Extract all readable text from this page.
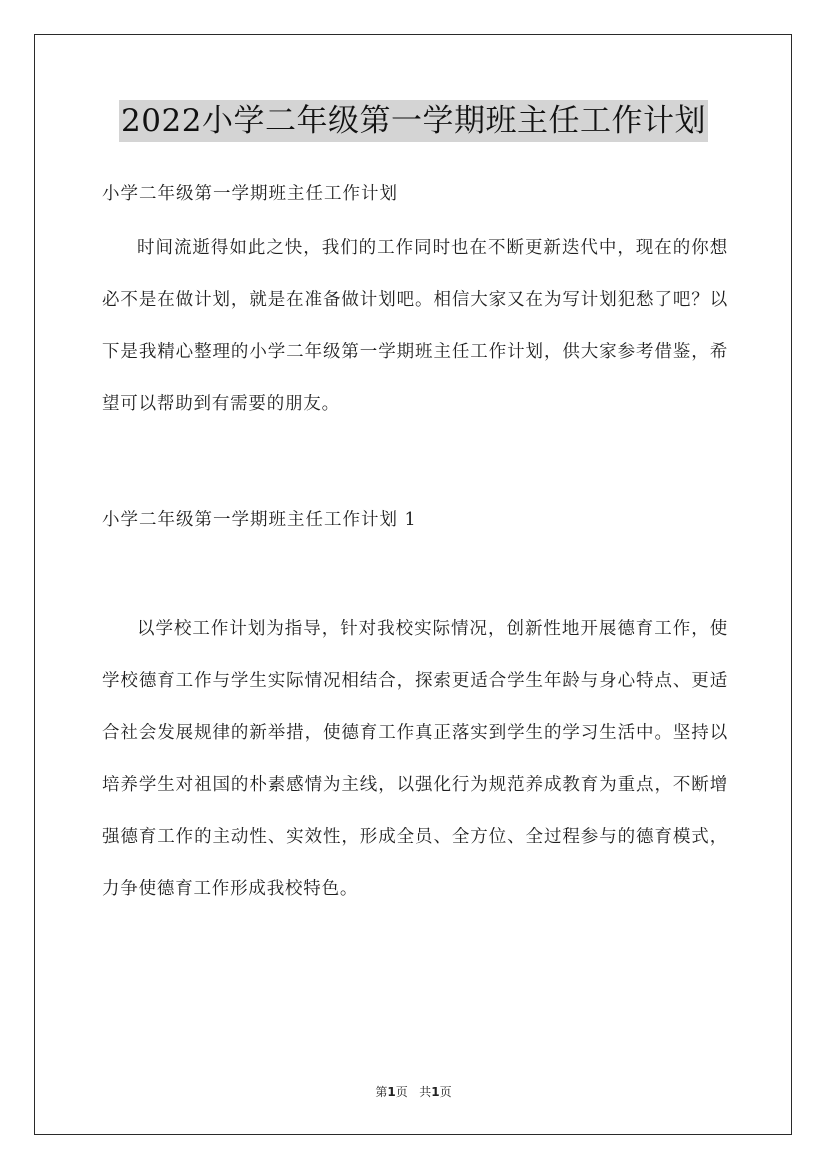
2022小学二年级第一学期班主任工作计划

小学二年级第一学期班主任工作计划

时间流逝得如此之快，我们的工作同时也在不断更新迭代中，现在的你想必不是在做计划，就是在准备做计划吧。相信大家又在为写计划犯愁了吧？以下是我精心整理的小学二年级第一学期班主任工作计划，供大家参考借鉴，希望可以帮助到有需要的朋友。

小学二年级第一学期班主任工作计划 1

以学校工作计划为指导，针对我校实际情况，创新性地开展德育工作，使学校德育工作与学生实际情况相结合，探索更适合学生年龄与身心特点、更适合社会发展规律的新举措，使德育工作真正落实到学生的学习生活中。坚持以培养学生对祖国的朴素感情为主线，以强化行为规范养成教育为重点，不断增强德育工作的主动性、实效性，形成全员、全方位、全过程参与的德育模式，力争使德育工作形成我校特色。

第1页 共1页
